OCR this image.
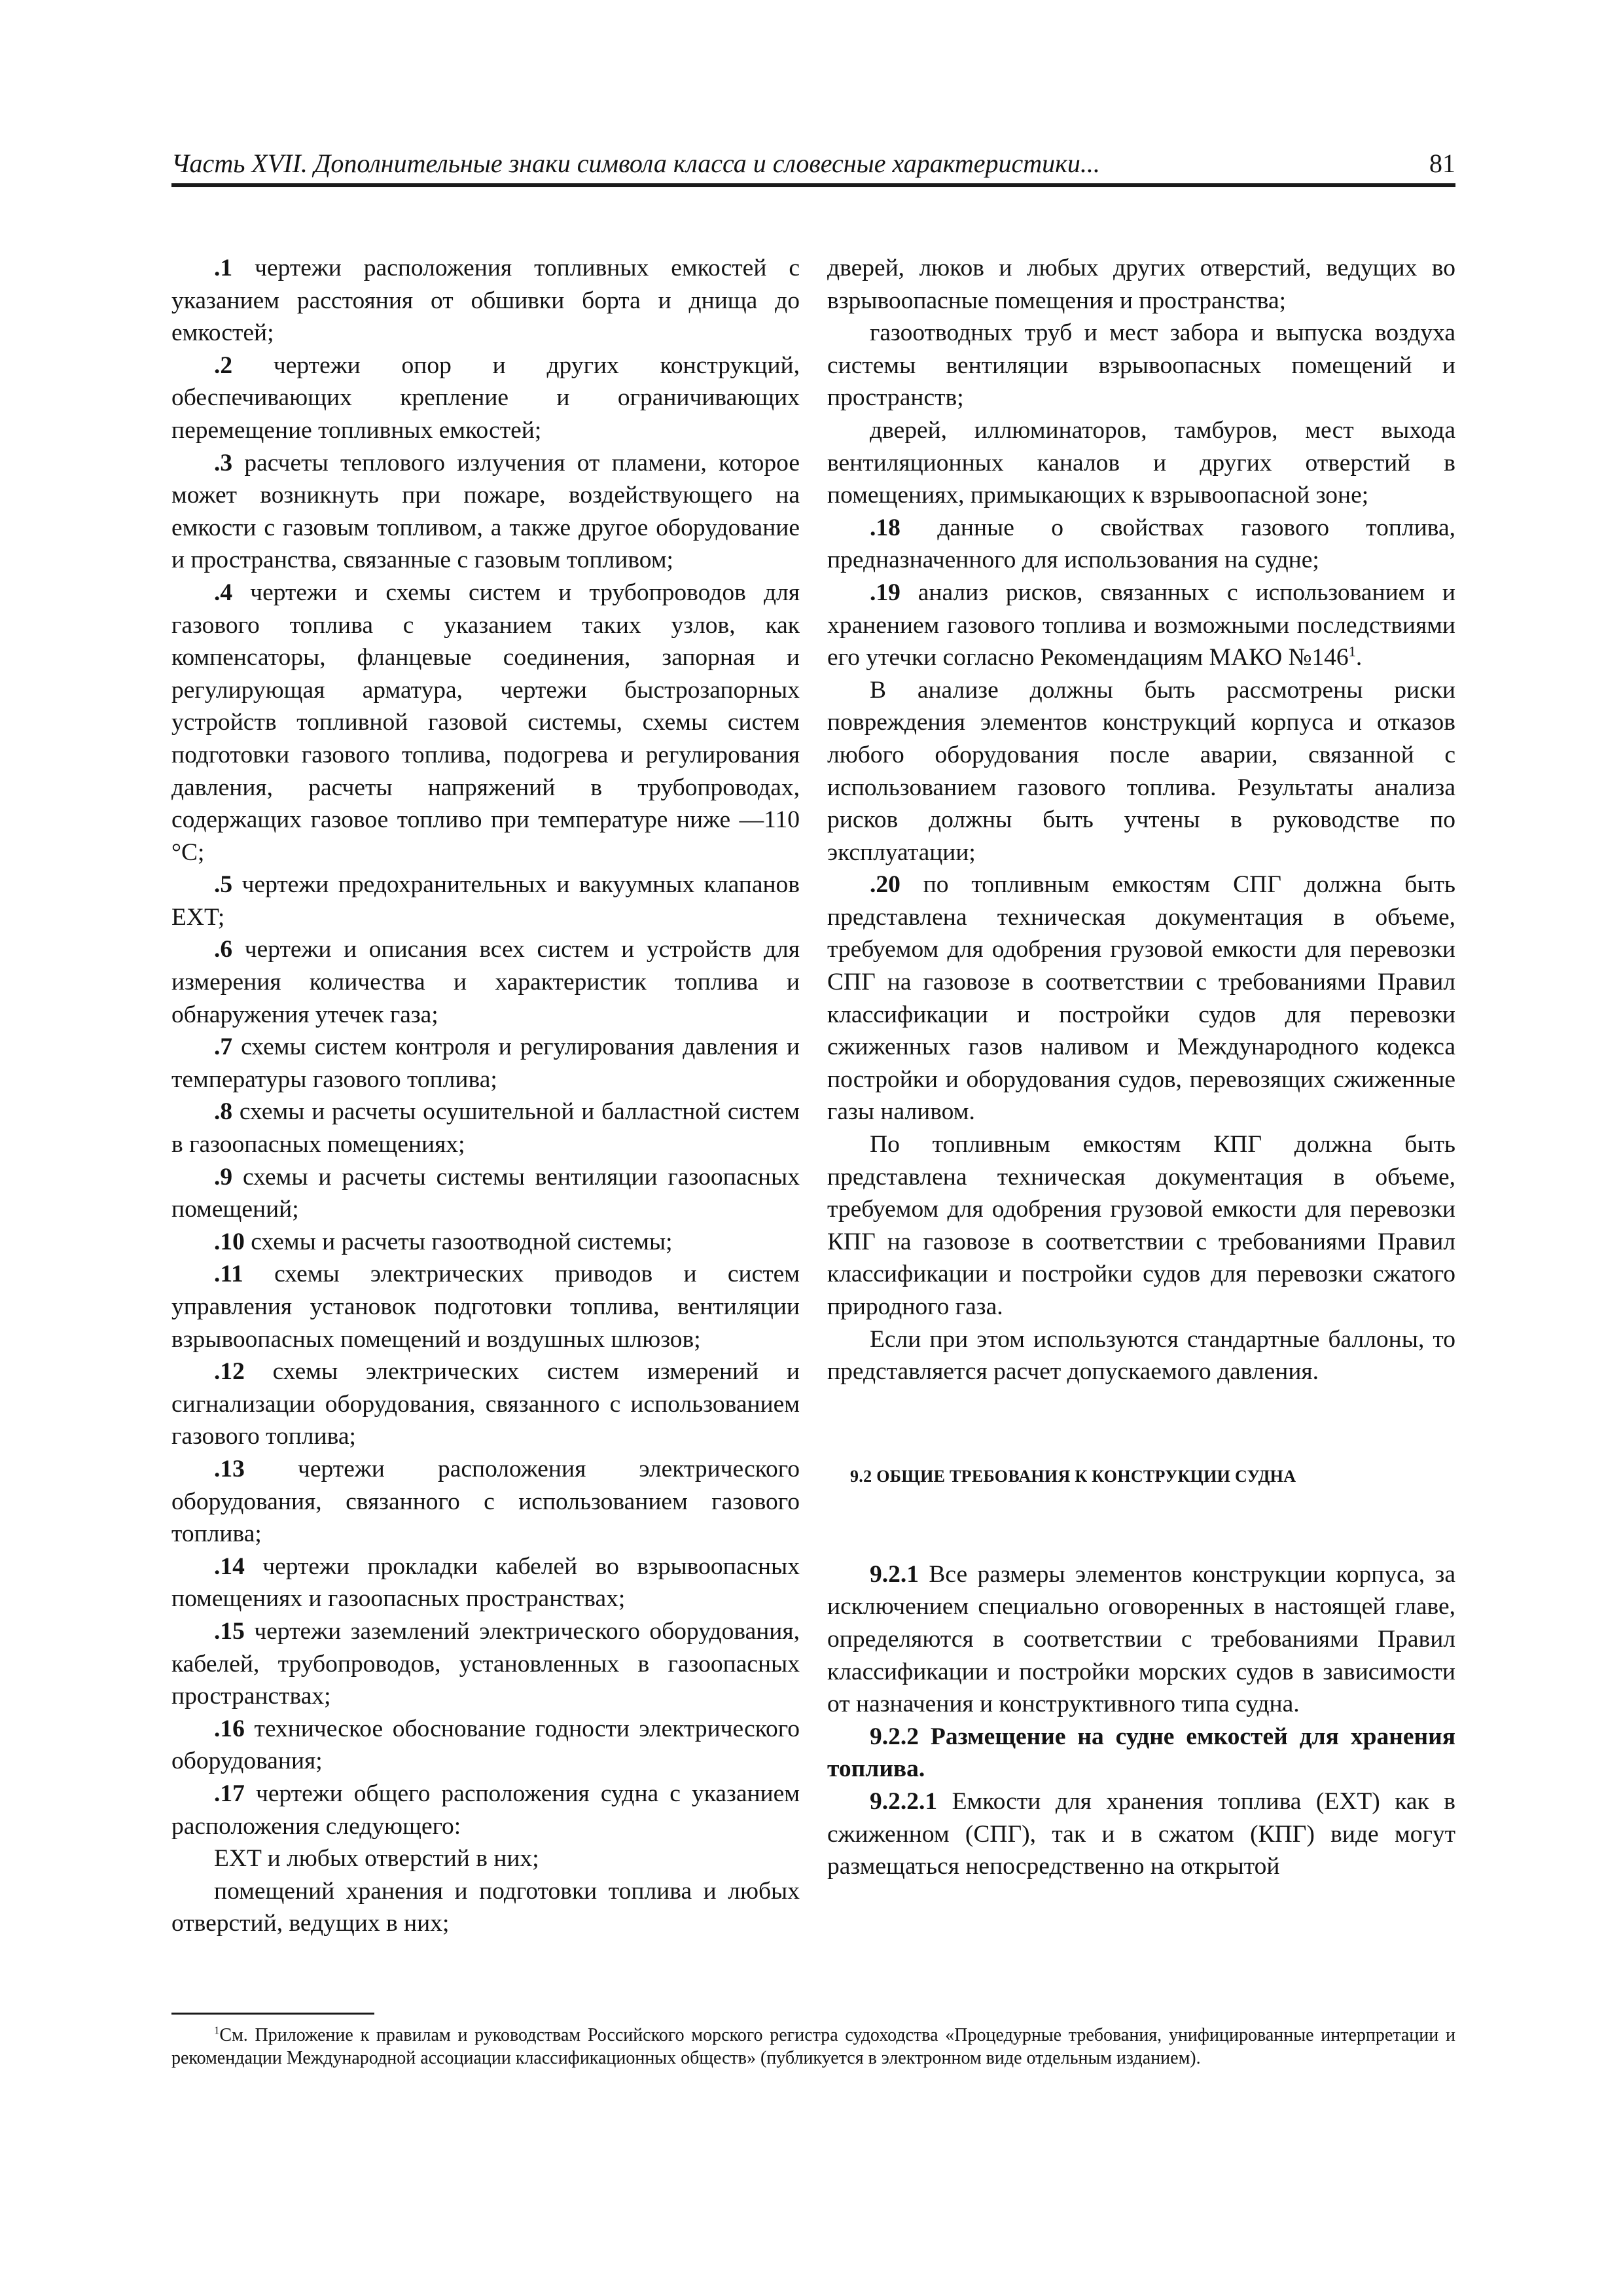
Часть XVII. Дополнительные знаки символа класса и словесные характеристики...	81

.1 чертежи расположения топливных емкостей с указанием расстояния от обшивки борта и днища до емкостей;

.2 чертежи опор и других конструкций, обеспечивающих крепление и ограничивающих перемещение топливных емкостей;

.3 расчеты теплового излучения от пламени, которое может возникнуть при пожаре, воздействующего на емкости с газовым топливом, а также другое оборудование и пространства, связанные с газовым топливом;

.4 чертежи и схемы систем и трубопроводов для газового топлива с указанием таких узлов, как компенсаторы, фланцевые соединения, запорная и регулирующая арматура, чертежи быстрозапорных устройств топливной газовой системы, схемы систем подготовки газового топлива, подогрева и регулирования давления, расчеты напряжений в трубопроводах, содержащих газовое топливо при температуре ниже —110 °C;

.5 чертежи предохранительных и вакуумных клапанов EXT;

.6 чертежи и описания всех систем и устройств для измерения количества и характеристик топлива и обнаружения утечек газа;

.7 схемы систем контроля и регулирования давления и температуры газового топлива;

.8 схемы и расчеты осушительной и балластной систем в газоопасных помещениях;

.9 схемы и расчеты системы вентиляции газоопасных помещений;

.10 схемы и расчеты газоотводной системы;

.11 схемы электрических приводов и систем управления установок подготовки топлива, вентиляции взрывоопасных помещений и воздушных шлюзов;

.12 схемы электрических систем измерений и сигнализации оборудования, связанного с использованием газового топлива;

.13 чертежи расположения электрического оборудования, связанного с использованием газового топлива;

.14 чертежи прокладки кабелей во взрывоопасных помещениях и газоопасных пространствах;

.15 чертежи заземлений электрического оборудования, кабелей, трубопроводов, установленных в газоопасных пространствах;

.16 техническое обоснование годности электрического оборудования;

.17 чертежи общего расположения судна с указанием расположения следующего:

EXT и любых отверстий в них;

помещений хранения и подготовки топлива и любых отверстий, ведущих в них;

дверей, люков и любых других отверстий, ведущих во взрывоопасные помещения и пространства;

газоотводных труб и мест забора и выпуска воздуха системы вентиляции взрывоопасных помещений и пространств;

дверей, иллюминаторов, тамбуров, мест выхода вентиляционных каналов и других отверстий в помещениях, примыкающих к взрывоопасной зоне;

.18 данные о свойствах газового топлива, предназначенного для использования на судне;

.19 анализ рисков, связанных с использованием и хранением газового топлива и возможными последствиями его утечки согласно Рекомендациям МАКО $№146^1$.

В анализе должны быть рассмотрены риски повреждения элементов конструкций корпуса и отказов любого оборудования после аварии, связанной с использованием газового топлива. Результаты анализа рисков должны быть учтены в руководстве по эксплуатации;

.20 по топливным емкостям СПГ должна быть представлена техническая документация в объеме, требуемом для одобрения грузовой емкости для перевозки СПГ на газовозе в соответствии с требованиями Правил классификации и постройки судов для перевозки сжиженных газов наливом и Международного кодекса постройки и оборудования судов, перевозящих сжиженные газы наливом.

По топливным емкостям КПГ должна быть представлена техническая документация в объеме, требуемом для одобрения грузовой емкости для перевозки КПГ на газовозе в соответствии с требованиями Правил классификации и постройки судов для перевозки сжатого природного газа.

Если при этом используются стандартные баллоны, то представляется расчет допускаемого давления.

9.2 ОБЩИЕ ТРЕБОВАНИЯ К КОНСТРУКЦИИ СУДНА

9.2.1 Все размеры элементов конструкции корпуса, за исключением специально оговоренных в настоящей главе, определяются в соответствии с требованиями Правил классификации и постройки морских судов в зависимости от назначения и конструктивного типа судна.

9.2.2 Размещение на судне емкостей для хранения топлива.

9.2.2.1 Емкости для хранения топлива (EXT) как в сжиженном (СПГ), так и в сжатом (КПГ) виде могут размещаться непосредственно на открытой

$^1$См. Приложение к правилам и руководствам Российского морского регистра судоходства «Процедурные требования, унифицированные интерпретации и рекомендации Международной ассоциации классификационных обществ» (публикуется в электронном виде отдельным изданием).
